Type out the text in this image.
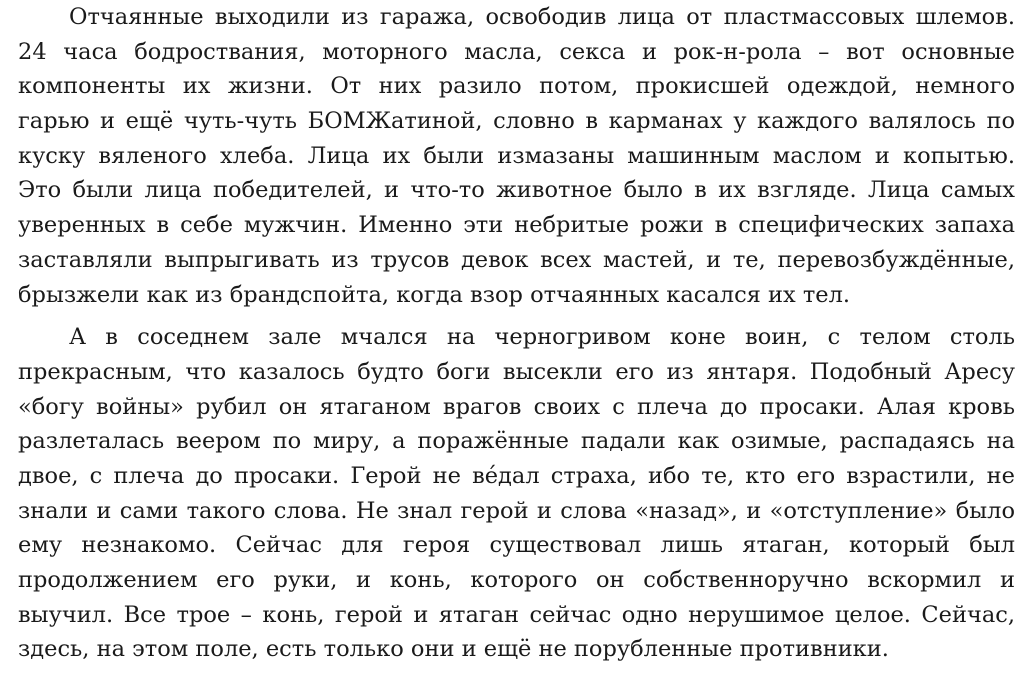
Отчаянные выходили из гаража, освободив лица от пластмассовых шлемов.
24 часа бодроствания, моторного масла, секса и рок-н-рола – вот основные
компоненты их жизни. От них разило потом, прокисшей одеждой, немного
гарью и ещё чуть-чуть БОМЖатиной, словно в карманах у каждого валялось по
куску вяленого хлеба. Лица их были измазаны машинным маслом и копытью.
Это были лица победителей, и что-то животное было в их взгляде. Лица самых
уверенных в себе мужчин. Именно эти небритые рожи в специфических запаха
заставляли выпрыгивать из трусов девок всех мастей, и те, перевозбуждённые,
брызжели как из брандспойта, когда взор отчаянных касался их тел.
А в соседнем зале мчался на черногривом коне воин, с телом столь
прекрасным, что казалось будто боги высекли его из янтаря. Подобный Аресу
«богу войны» рубил он ятаганом врагов своих с плеча до просаки. Алая кровь
разлеталась веером по миру, а поражённые падали как озимые, распадаясь на
двое, с плеча до просаки. Герой не ве́дал страха, ибо те, кто его взрастили, не
знали и сами такого слова. Не знал герой и слова «назад», и «отступление» было
ему незнакомо. Сейчас для героя существовал лишь ятаган, который был
продолжением его руки, и конь, которого он собственноручно вскормил и
выучил. Все трое – конь, герой и ятаган сейчас одно нерушимое целое. Сейчас,
здесь, на этом поле, есть только они и ещё не порубленные противники.
